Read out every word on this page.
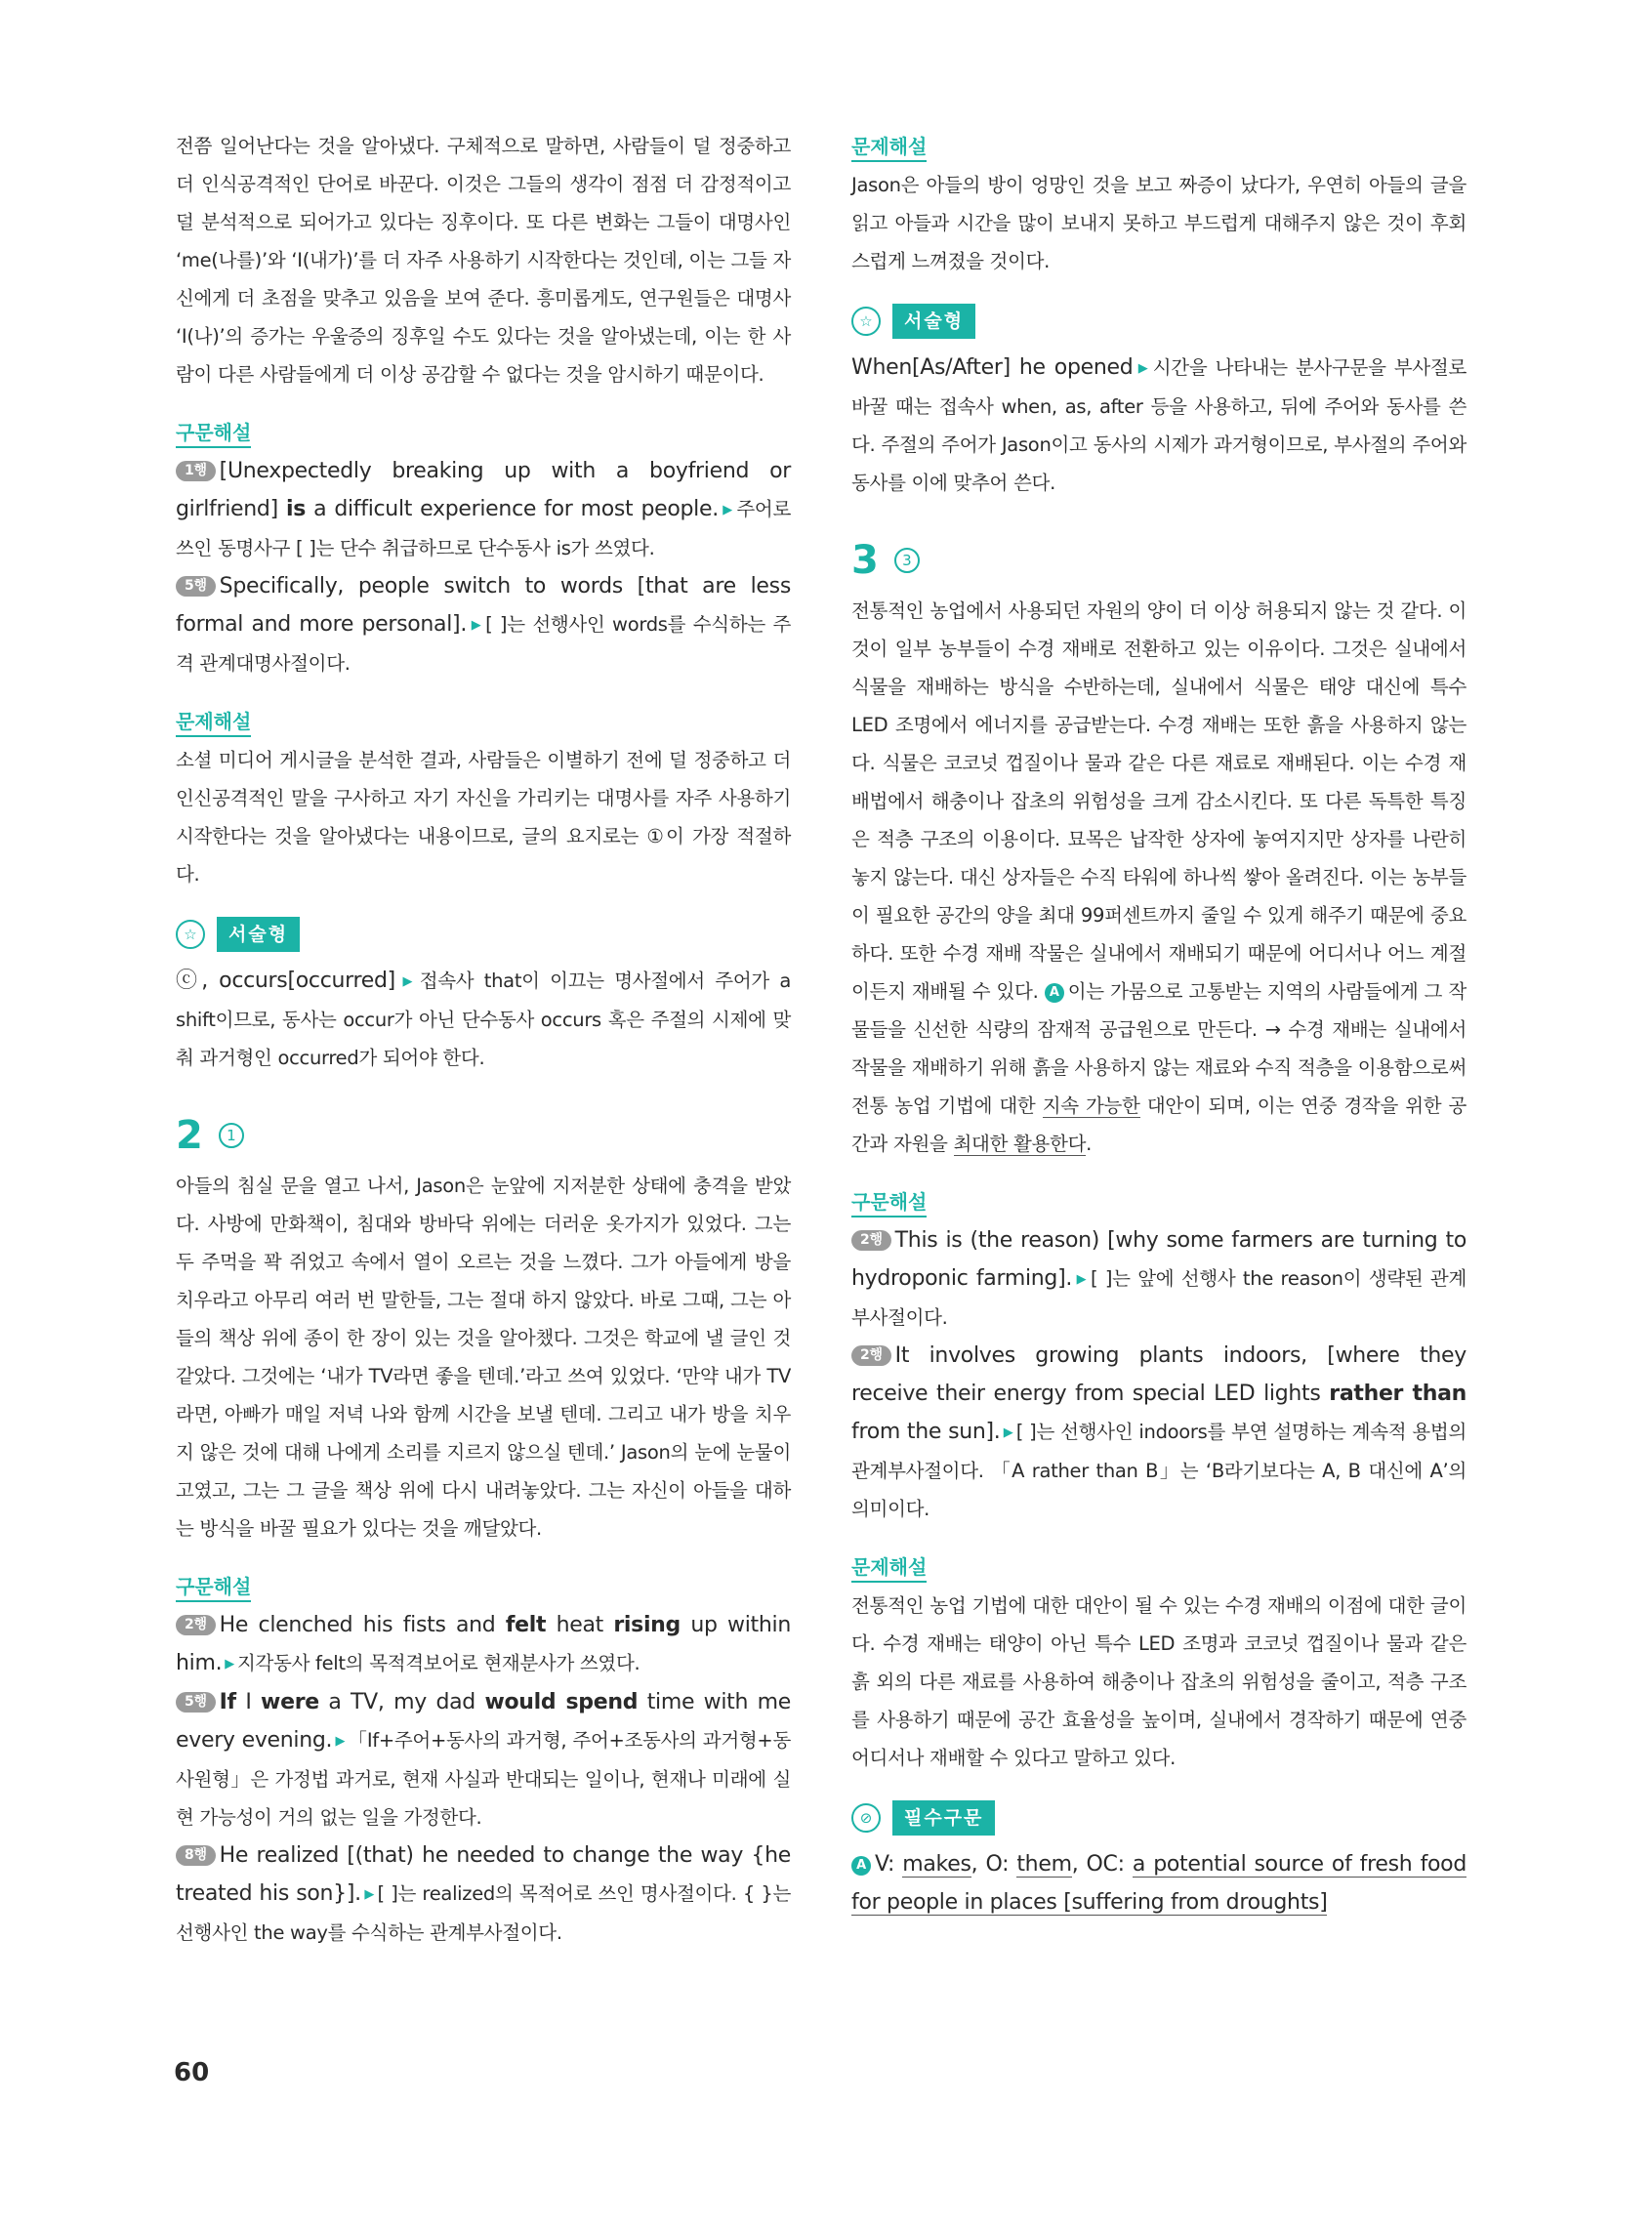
전쯤 일어난다는 것을 알아냈다. 구체적으로 말하면, 사람들이 덜 정중하고 더 인식공격적인 단어로 바꾼다. 이것은 그들의 생각이 점점 더 감정적이고 덜 분석적으로 되어가고 있다는 징후이다. 또 다른 변화는 그들이 대명사인 ‘me(나를)’와 ‘I(내가)’를 더 자주 사용하기 시작한다는 것인데, 이는 그들 자신에게 더 초점을 맞추고 있음을 보여 준다. 흥미롭게도, 연구원들은 대명사 ‘I(나)’의 증가는 우울증의 징후일 수도 있다는 것을 알아냈는데, 이는 한 사람이 다른 사람들에게 더 이상 공감할 수 없다는 것을 암시하기 때문이다.

구문해설

1행 [Unexpectedly breaking up with a boyfriend or girlfriend] is a difficult experience for most people. ▶ 주어로 쓰인 동명사구 [ ]는 단수 취급하므로 단수동사 is가 쓰였다.

5행 Specifically, people switch to words [that are less formal and more personal]. ▶ [ ]는 선행사인 words를 수식하는 주격 관계대명사절이다.

문제해설

소셜 미디어 게시글을 분석한 결과, 사람들은 이별하기 전에 덜 정중하고 더 인신공격적인 말을 구사하고 자기 자신을 가리키는 대명사를 자주 사용하기 시작한다는 것을 알아냈다는 내용이므로, 글의 요지로는 ①이 가장 적절하다.

☆	서술형

ⓒ, occurs[occurred] ▶ 접속사 that이 이끄는 명사절에서 주어가 a shift이므로, 동사는 occur가 아닌 단수동사 occurs 혹은 주절의 시제에 맞춰 과거형인 occurred가 되어야 한다.

2	1

아들의 침실 문을 열고 나서, Jason은 눈앞에 지저분한 상태에 충격을 받았다. 사방에 만화책이, 침대와 방바닥 위에는 더러운 옷가지가 있었다. 그는 두 주먹을 꽉 쥐었고 속에서 열이 오르는 것을 느꼈다. 그가 아들에게 방을 치우라고 아무리 여러 번 말한들, 그는 절대 하지 않았다. 바로 그때, 그는 아들의 책상 위에 종이 한 장이 있는 것을 알아챘다. 그것은 학교에 낼 글인 것 같았다. 그것에는 ‘내가 TV라면 좋을 텐데.’라고 쓰여 있었다. ‘만약 내가 TV라면, 아빠가 매일 저녁 나와 함께 시간을 보낼 텐데. 그리고 내가 방을 치우지 않은 것에 대해 나에게 소리를 지르지 않으실 텐데.’ Jason의 눈에 눈물이 고였고, 그는 그 글을 책상 위에 다시 내려놓았다. 그는 자신이 아들을 대하는 방식을 바꿀 필요가 있다는 것을 깨달았다.

구문해설

2행 He clenched his fists and felt heat rising up within him. ▶ 지각동사 felt의 목적격보어로 현재분사가 쓰였다.

5행 If I were a TV, my dad would spend time with me every evening. ▶ 「If+주어+동사의 과거형, 주어+조동사의 과거형+동사원형」은 가정법 과거로, 현재 사실과 반대되는 일이나, 현재나 미래에 실현 가능성이 거의 없는 일을 가정한다.

8행 He realized [(that) he needed to change the way {he treated his son}]. ▶ [ ]는 realized의 목적어로 쓰인 명사절이다. { }는 선행사인 the way를 수식하는 관계부사절이다.

문제해설

Jason은 아들의 방이 엉망인 것을 보고 짜증이 났다가, 우연히 아들의 글을 읽고 아들과 시간을 많이 보내지 못하고 부드럽게 대해주지 않은 것이 후회스럽게 느껴졌을 것이다.

☆	서술형

When[As/After] he opened ▶ 시간을 나타내는 분사구문을 부사절로 바꿀 때는 접속사 when, as, after 등을 사용하고, 뒤에 주어와 동사를 쓴다. 주절의 주어가 Jason이고 동사의 시제가 과거형이므로, 부사절의 주어와 동사를 이에 맞추어 쓴다.

3	3

전통적인 농업에서 사용되던 자원의 양이 더 이상 허용되지 않는 것 같다. 이것이 일부 농부들이 수경 재배로 전환하고 있는 이유이다. 그것은 실내에서 식물을 재배하는 방식을 수반하는데, 실내에서 식물은 태양 대신에 특수 LED 조명에서 에너지를 공급받는다. 수경 재배는 또한 흙을 사용하지 않는다. 식물은 코코넛 껍질이나 물과 같은 다른 재료로 재배된다. 이는 수경 재배법에서 해충이나 잡초의 위험성을 크게 감소시킨다. 또 다른 독특한 특징은 적층 구조의 이용이다. 묘목은 납작한 상자에 놓여지지만 상자를 나란히 놓지 않는다. 대신 상자들은 수직 타워에 하나씩 쌓아 올려진다. 이는 농부들이 필요한 공간의 양을 최대 99퍼센트까지 줄일 수 있게 해주기 때문에 중요하다. 또한 수경 재배 작물은 실내에서 재배되기 때문에 어디서나 어느 계절이든지 재배될 수 있다. A 이는 가뭄으로 고통받는 지역의 사람들에게 그 작물들을 신선한 식량의 잠재적 공급원으로 만든다. → 수경 재배는 실내에서 작물을 재배하기 위해 흙을 사용하지 않는 재료와 수직 적층을 이용함으로써 전통 농업 기법에 대한 지속 가능한 대안이 되며, 이는 연중 경작을 위한 공간과 자원을 최대한 활용한다.

구문해설

2행 This is (the reason) [why some farmers are turning to hydroponic farming]. ▶ [ ]는 앞에 선행사 the reason이 생략된 관계부사절이다.

2행 It involves growing plants indoors, [where they receive their energy from special LED lights rather than from the sun]. ▶ [ ]는 선행사인 indoors를 부연 설명하는 계속적 용법의 관계부사절이다. 「A rather than B」는 ‘B라기보다는 A, B 대신에 A’의 의미이다.

문제해설

전통적인 농업 기법에 대한 대안이 될 수 있는 수경 재배의 이점에 대한 글이다. 수경 재배는 태양이 아닌 특수 LED 조명과 코코넛 껍질이나 물과 같은 흙 외의 다른 재료를 사용하여 해충이나 잡초의 위험성을 줄이고, 적층 구조를 사용하기 때문에 공간 효율성을 높이며, 실내에서 경작하기 때문에 연중 어디서나 재배할 수 있다고 말하고 있다.

⊘	필수구문

A V: makes, O: them, OC: a potential source of fresh food for people in places [suffering from droughts]

60
